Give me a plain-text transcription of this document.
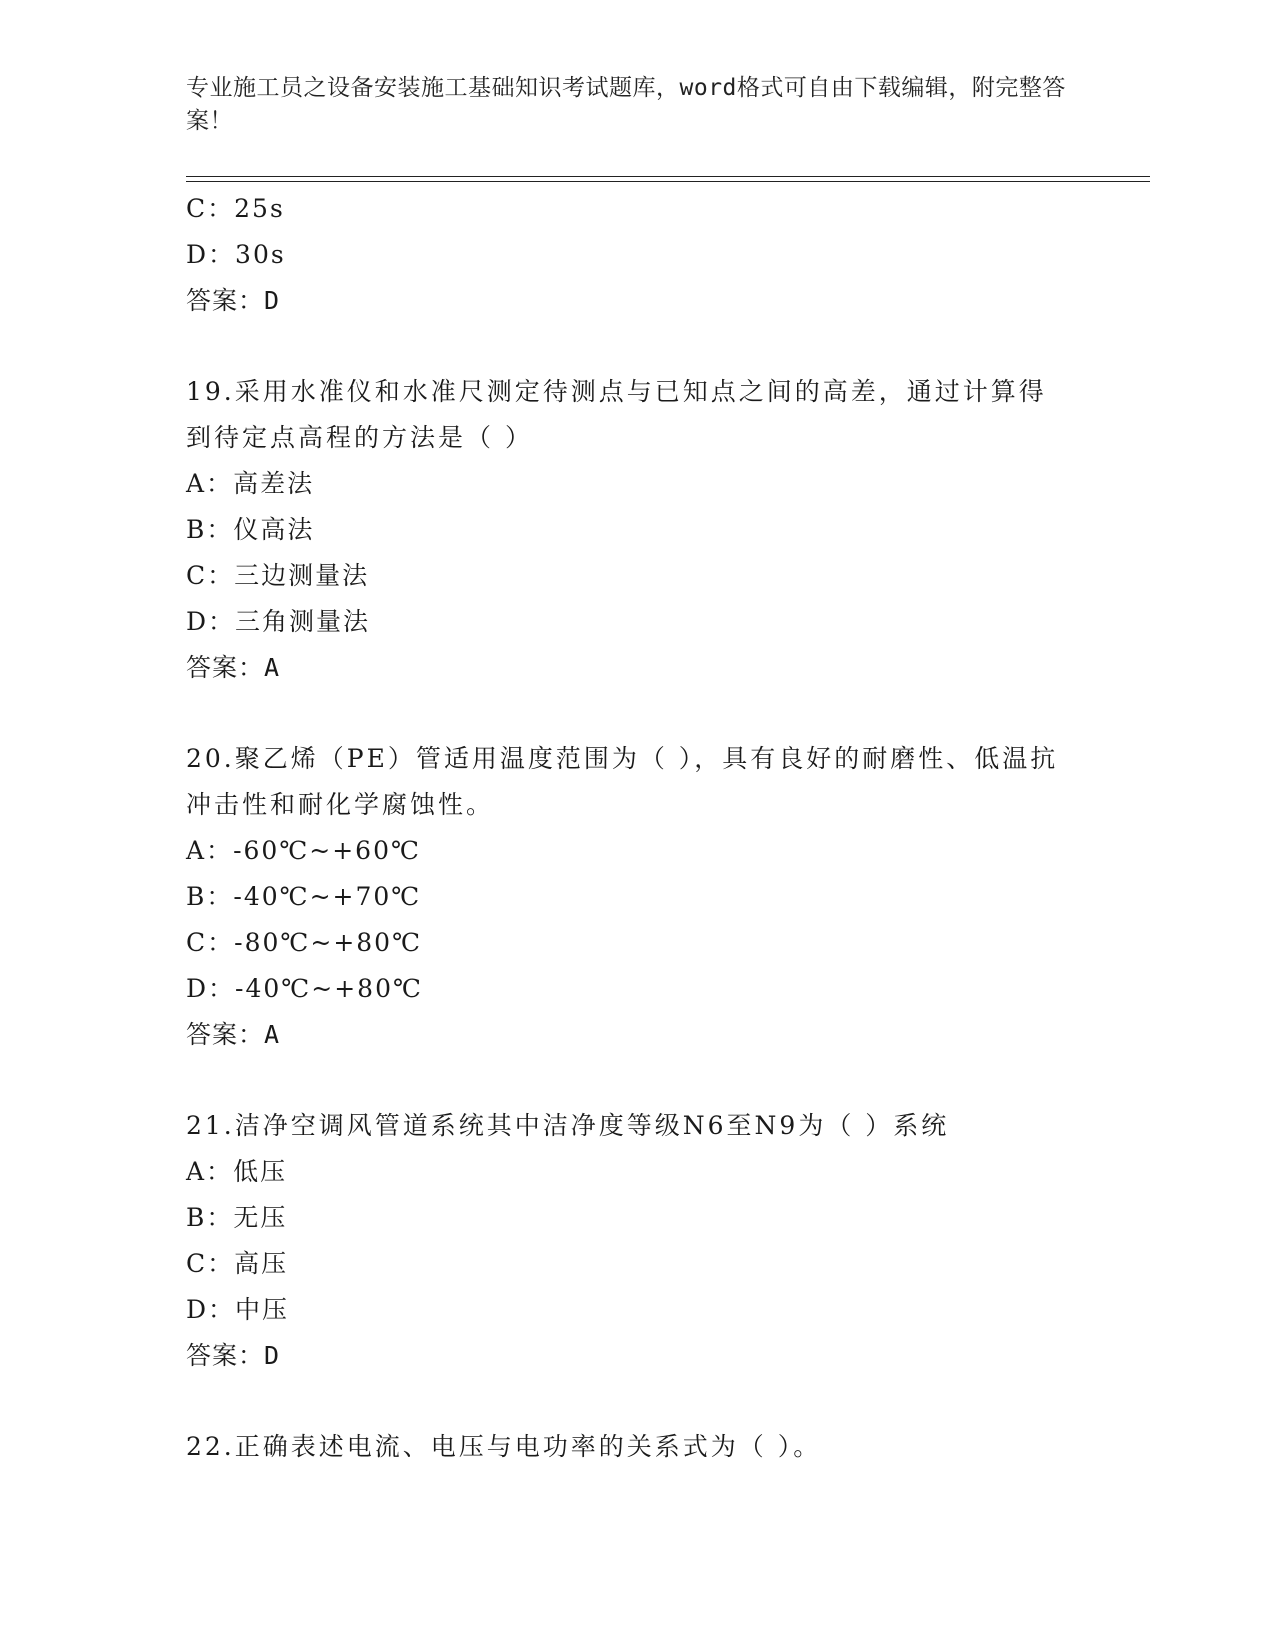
专业施工员之设备安装施工基础知识考试题库，word格式可自由下载编辑，附完整答案！
C：25s
D：30s
答案：D
19.采用水准仪和水准尺测定待测点与已知点之间的高差，通过计算得到待定点高程的方法是（ ）
A：高差法
B：仪高法
C：三边测量法
D：三角测量法
答案：A
20.聚乙烯（PE）管适用温度范围为（ ），具有良好的耐磨性、低温抗冲击性和耐化学腐蚀性。
A：-60℃~+60℃
B：-40℃~+70℃
C：-80℃~+80℃
D：-40℃~+80℃
答案：A
21.洁净空调风管道系统其中洁净度等级N6至N9为（ ）系统
A：低压
B：无压
C：高压
D：中压
答案：D
22.正确表述电流、电压与电功率的关系式为（ ）。
